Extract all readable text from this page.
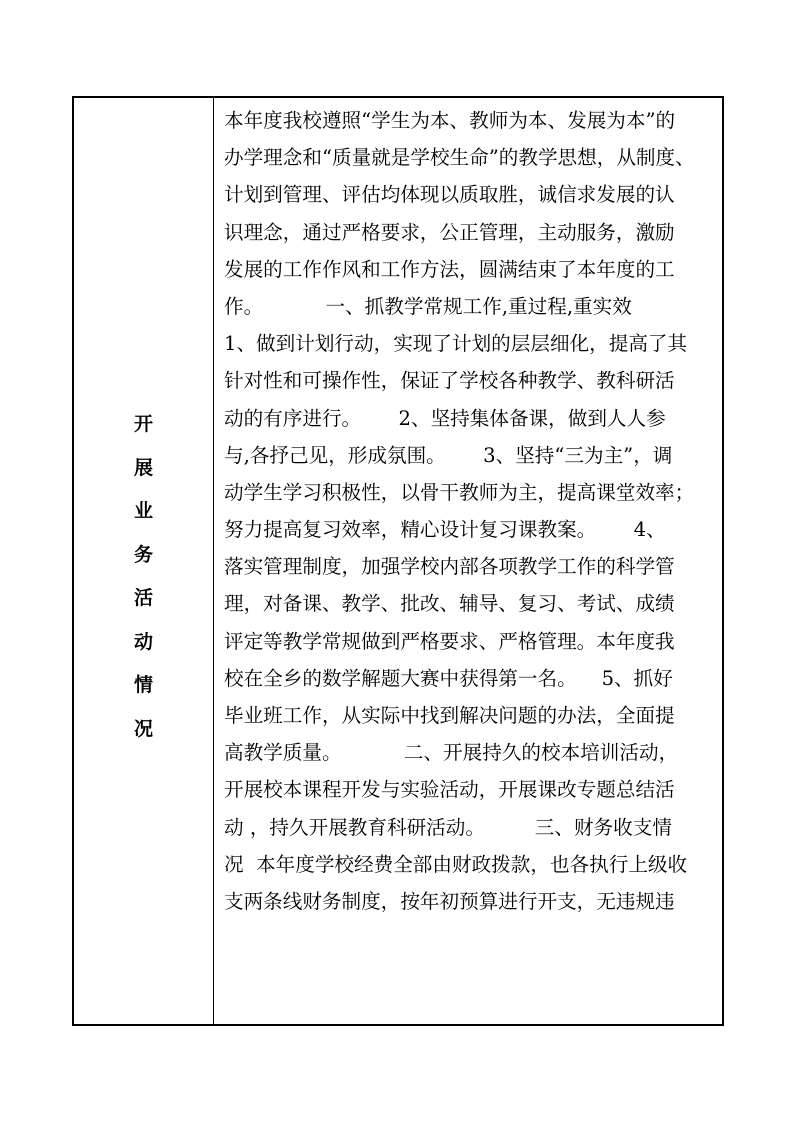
开
展
业
务
活
动
情
况
本年度我校遵照“学生为本、教师为本、发展为本”的
办学理念和“质量就是学校生命”的教学思想，从制度、
计划到管理、评估均体现以质取胜，诚信求发展的认
识理念，通过严格要求，公正管理，主动服务，激励
发展的工作作风和工作方法，圆满结束了本年度的工
作。          一、抓教学常规工作,重过程,重实效
1、做到计划行动，实现了计划的层层细化，提高了其
针对性和可操作性，保证了学校各种教学、教科研活
动的有序进行。      2、坚持集体备课，做到人人参
与,各抒己见，形成氛围。      3、坚持“三为主”，调
动学生学习积极性，以骨干教师为主，提高课堂效率；
努力提高复习效率，精心设计复习课教案。      4、
落实管理制度，加强学校内部各项教学工作的科学管
理，对备课、教学、批改、辅导、复习、考试、成绩
评定等教学常规做到严格要求、严格管理。本年度我
校在全乡的数学解题大赛中获得第一名。    5、抓好
毕业班工作，从实际中找到解决问题的办法，全面提
高教学质量。          二、开展持久的校本培训活动，
开展校本课程开发与实验活动，开展课改专题总结活
动 ，持久开展教育科研活动。        三、财务收支情
况  本年度学校经费全部由财政拨款，也各执行上级收
支两条线财务制度，按年初预算进行开支，无违规违
